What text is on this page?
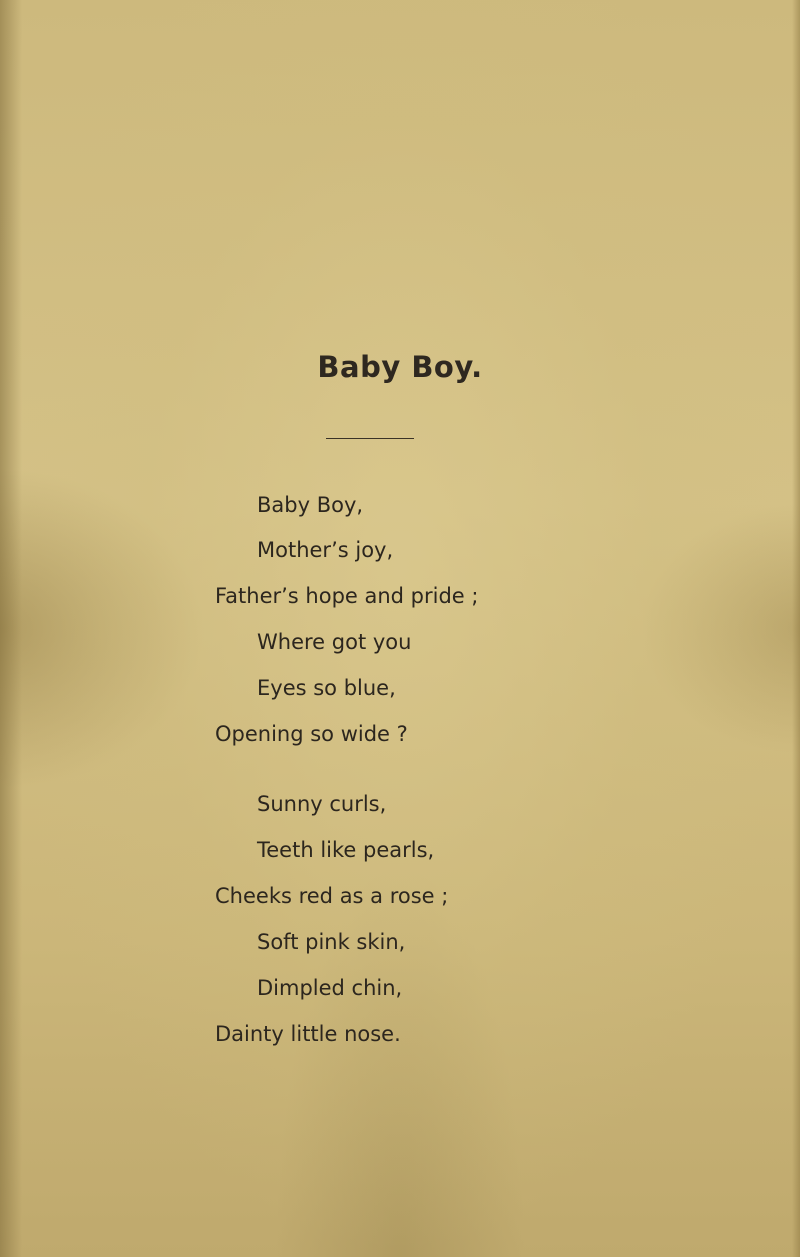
Baby Boy.
Baby Boy,
Mother’s joy,
Father’s hope and pride ;
Where got you
Eyes so blue,
Opening so wide ?
Sunny curls,
Teeth like pearls,
Cheeks red as a rose ;
Soft pink skin,
Dimpled chin,
Dainty little nose.
